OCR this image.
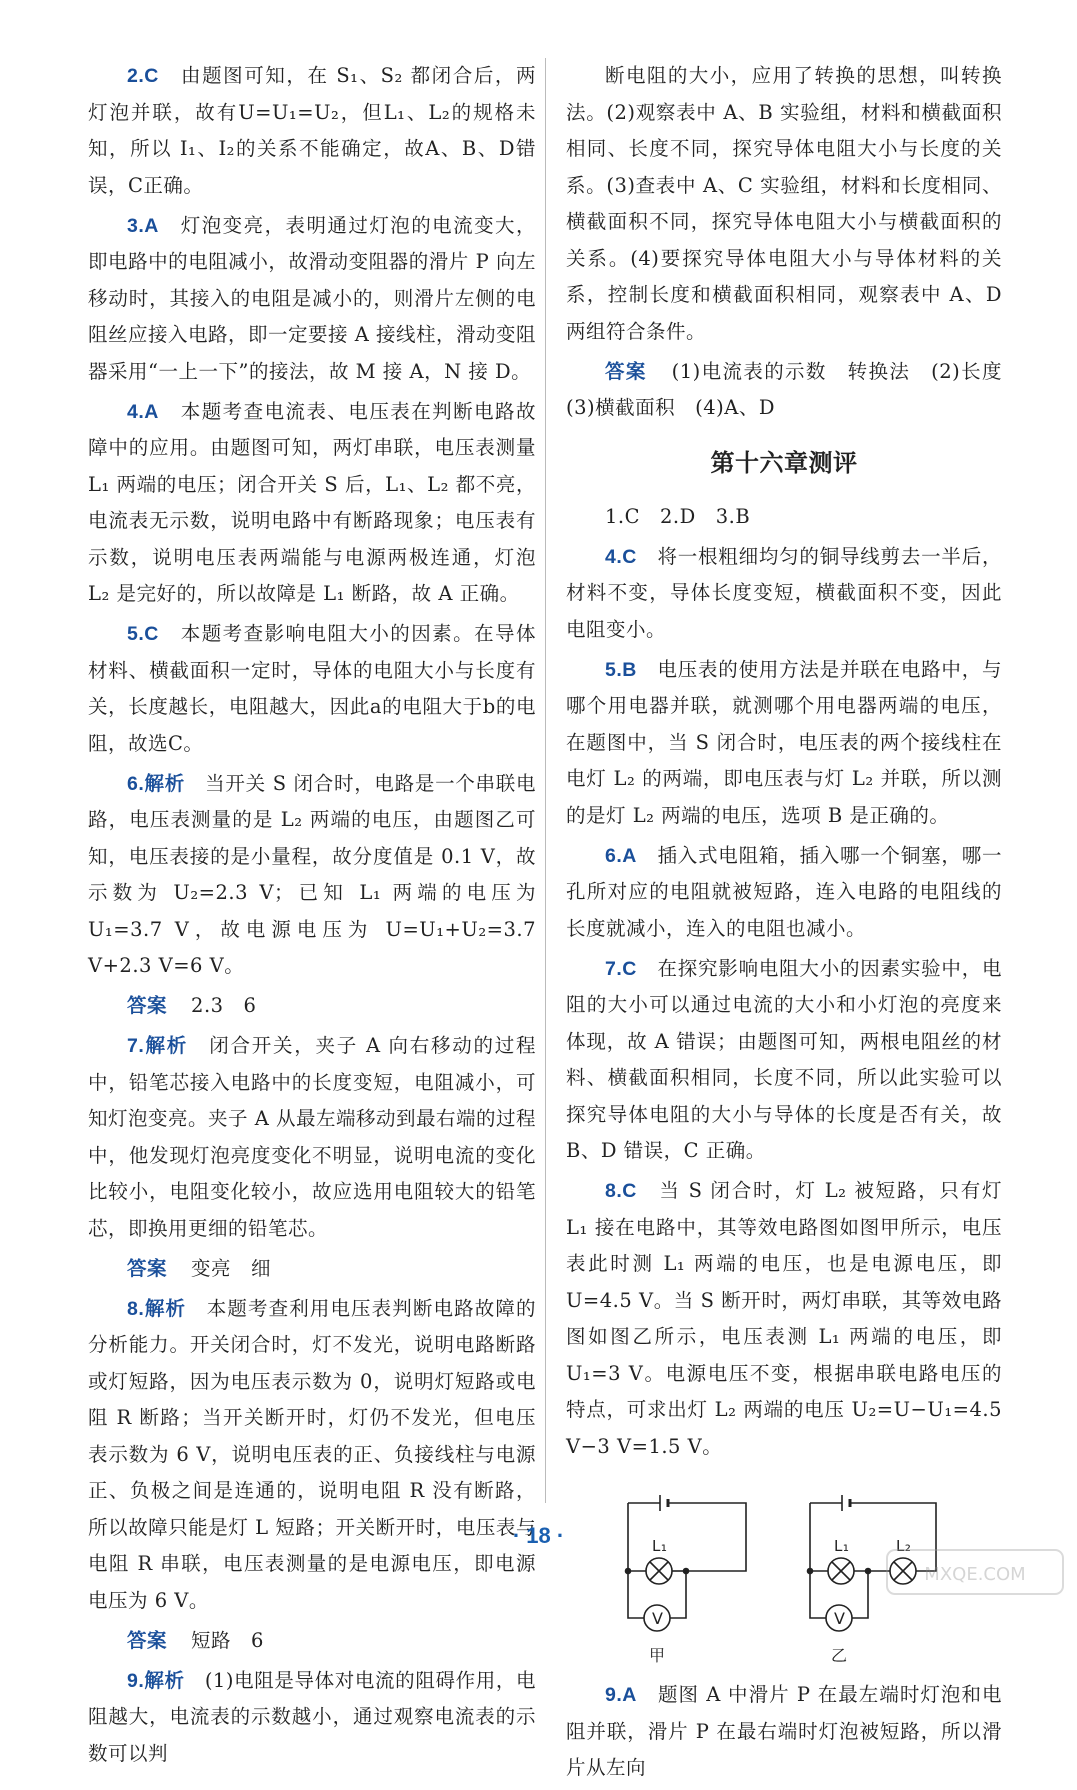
2.C　 由题图可知，在 S₁、S₂ 都闭合后，两灯泡并联，故有U=U₁=U₂，但L₁、L₂的规格未知，所以 I₁、I₂的关系不能确定，故A、B、D错误，C正确。

3.A　 灯泡变亮，表明通过灯泡的电流变大，即电路中的电阻减小，故滑动变阻器的滑片 P 向左移动时，其接入的电阻是减小的，则滑片左侧的电阻丝应接入电路，即一定要接 A 接线柱，滑动变阻器采用“一上一下”的接法，故 M 接 A，N 接 D。

4.A　 本题考查电流表、电压表在判断电路故障中的应用。由题图可知，两灯串联，电压表测量 L₁ 两端的电压；闭合开关 S 后，L₁、L₂ 都不亮，电流表无示数，说明电路中有断路现象；电压表有示数，说明电压表两端能与电源两极连通，灯泡 L₂ 是完好的，所以故障是 L₁ 断路，故 A 正确。

5.C　 本题考查影响电阻大小的因素。在导体材料、横截面积一定时，导体的电阻大小与长度有关，长度越长，电阻越大，因此a的电阻大于b的电阻，故选C。

6.解析　 当开关 S 闭合时，电路是一个串联电路，电压表测量的是 L₂ 两端的电压，由题图乙可知，电压表接的是小量程，故分度值是 0.1 V，故示数为 U₂=2.3 V；已知 L₁ 两端的电压为 U₁=3.7 V，故电源电压为 U=U₁+U₂=3.7 V+2.3 V=6 V。

答案　 2.3　6

7.解析　 闭合开关，夹子 A 向右移动的过程中，铅笔芯接入电路中的长度变短，电阻减小，可知灯泡变亮。夹子 A 从最左端移动到最右端的过程中，他发现灯泡亮度变化不明显，说明电流的变化比较小，电阻变化较小，故应选用电阻较大的铅笔芯，即换用更细的铅笔芯。

答案　 变亮　细

8.解析　 本题考查利用电压表判断电路故障的分析能力。开关闭合时，灯不发光，说明电路断路或灯短路，因为电压表示数为 0，说明灯短路或电阻 R 断路；当开关断开时，灯仍不发光，但电压表示数为 6 V，说明电压表的正、负接线柱与电源正、负极之间是连通的，说明电阻 R 没有断路，所以故障只能是灯 L 短路；开关断开时，电压表与电阻 R 串联，电压表测量的是电源电压，即电源电压为 6 V。

答案　 短路　6

9.解析　 (1)电阻是导体对电流的阻碍作用，电阻越大，电流表的示数越小，通过观察电流表的示数可以判

断电阻的大小，应用了转换的思想，叫转换法。(2)观察表中 A、B 实验组，材料和横截面积相同、长度不同，探究导体电阻大小与长度的关系。(3)查表中 A、C 实验组，材料和长度相同、横截面积不同，探究导体电阻大小与横截面积的关系。(4)要探究导体电阻大小与导体材料的关系，控制长度和横截面积相同，观察表中 A、D 两组符合条件。

答案　 (1)电流表的示数　转换法　(2)长度　(3)横截面积　(4)A、D

第十六章测评

1.C　2.D　3.B

4.C　 将一根粗细均匀的铜导线剪去一半后，材料不变，导体长度变短，横截面积不变，因此电阻变小。

5.B　 电压表的使用方法是并联在电路中，与哪个用电器并联，就测哪个用电器两端的电压，在题图中，当 S 闭合时，电压表的两个接线柱在电灯 L₂ 的两端，即电压表与灯 L₂ 并联，所以测的是灯 L₂ 两端的电压，选项 B 是正确的。

6.A　 插入式电阻箱，插入哪一个铜塞，哪一孔所对应的电阻就被短路，连入电路的电阻线的长度就减小，连入的电阻也减小。

7.C　 在探究影响电阻大小的因素实验中，电阻的大小可以通过电流的大小和小灯泡的亮度来体现，故 A 错误；由题图可知，两根电阻丝的材料、横截面积相同，长度不同，所以此实验可以探究导体电阻的大小与导体的长度是否有关，故 B、D 错误，C 正确。

8.C　 当 S 闭合时，灯 L₂ 被短路，只有灯 L₁ 接在电路中，其等效电路图如图甲所示，电压表此时测 L₁ 两端的电压，也是电源电压，即 U=4.5 V。当 S 断开时，两灯串联，其等效电路图如图乙所示，电压表测 L₁ 两端的电压，即 U₁=3 V。电源电压不变，根据串联电路电压的特点，可求出灯 L₂ 两端的电压 U₂=U−U₁=4.5 V−3 V=1.5 V。

L₁
V
甲
L₁	L₂
V
乙

9.A　 题图 A 中滑片 P 在最左端时灯泡和电阻并联，滑片 P 在最右端时灯泡被短路，所以滑片从左向

· 18 ·
MXQE.COM
